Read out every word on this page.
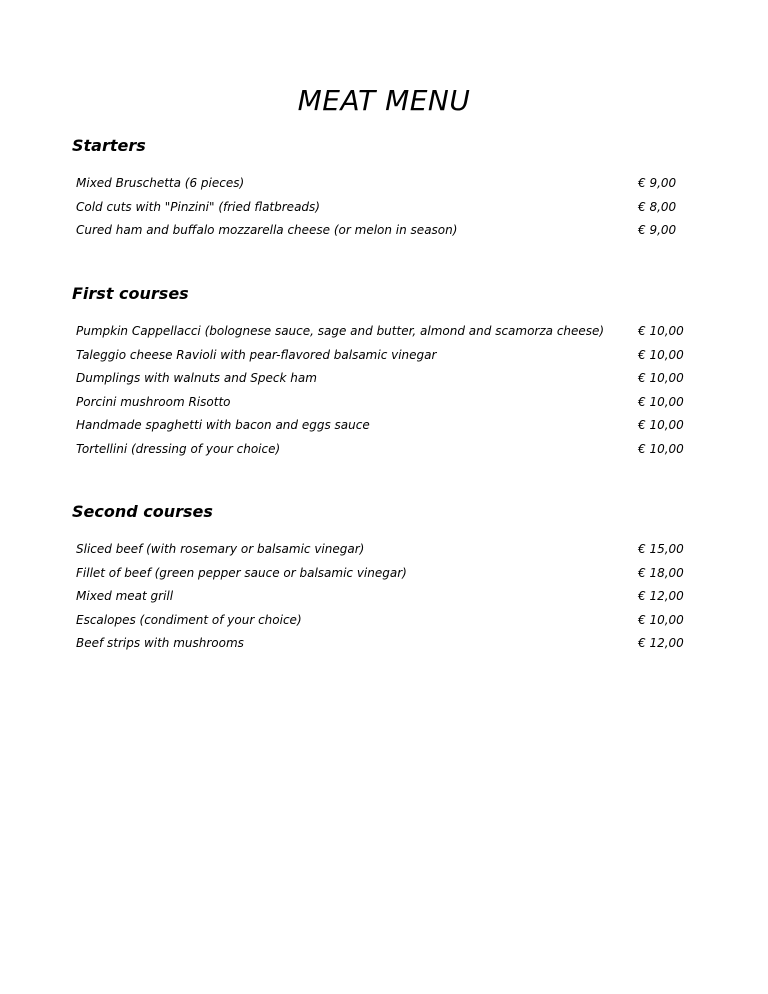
MEAT MENU
Starters
Mixed Bruschetta (6 pieces)	€ 9,00
Cold cuts with "Pinzini" (fried flatbreads)	€ 8,00
Cured ham and buffalo mozzarella cheese (or melon in season)	€ 9,00
First courses
Pumpkin Cappellacci (bolognese sauce, sage and butter, almond and scamorza cheese)	€ 10,00
Taleggio cheese Ravioli with pear-flavored balsamic vinegar	€ 10,00
Dumplings with walnuts and Speck ham	€ 10,00
Porcini mushroom Risotto	€ 10,00
Handmade spaghetti with bacon and eggs sauce	€ 10,00
Tortellini (dressing of your choice)	€ 10,00
Second courses
Sliced beef (with rosemary or balsamic vinegar)	€ 15,00
Fillet of beef (green pepper sauce or balsamic vinegar)	€ 18,00
Mixed meat grill	€ 12,00
Escalopes (condiment of your choice)	€ 10,00
Beef strips with mushrooms	€ 12,00
